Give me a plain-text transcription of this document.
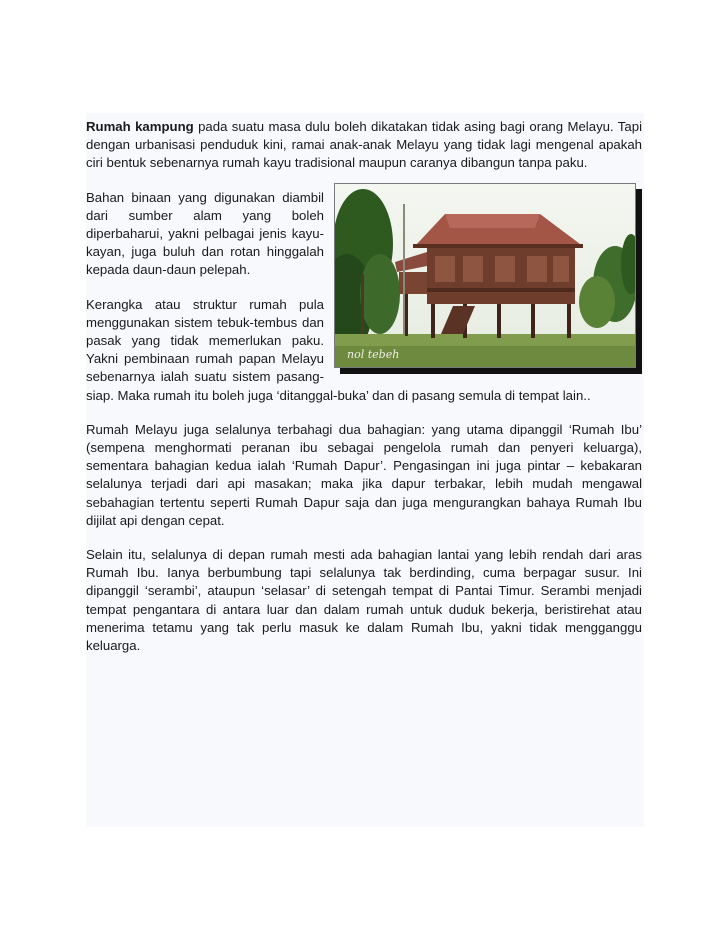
Rumah kampung pada suatu masa dulu boleh dikatakan tidak asing bagi orang Melayu. Tapi dengan urbanisasi penduduk kini, ramai anak-anak Melayu yang tidak lagi mengenal apakah ciri bentuk sebenarnya rumah kayu tradisional maupun caranya dibangun tanpa paku.

nol tebeh

Bahan binaan yang digunakan diambil dari sumber alam yang boleh diperbaharui, yakni pelbagai jenis kayu-kayan, juga buluh dan rotan hinggalah kepada daun-daun pelepah.

Kerangka atau struktur rumah pula menggunakan sistem tebuk-tembus dan pasak yang tidak memerlukan paku. Yakni pembinaan rumah papan Melayu sebenarnya ialah suatu sistem pasang-siap. Maka rumah itu boleh juga ‘ditanggal-buka’ dan di pasang semula di tempat lain..

Rumah Melayu juga selalunya terbahagi dua bahagian: yang utama dipanggil ‘Rumah Ibu’ (sempena menghormati peranan ibu sebagai pengelola rumah dan penyeri keluarga), sementara bahagian kedua ialah ‘Rumah Dapur’. Pengasingan ini juga pintar – kebakaran selalunya terjadi dari api masakan; maka jika dapur terbakar, lebih mudah mengawal sebahagian tertentu seperti Rumah Dapur saja dan juga mengurangkan bahaya Rumah Ibu dijilat api dengan cepat.

Selain itu, selalunya di depan rumah mesti ada bahagian lantai yang lebih rendah dari aras Rumah Ibu. Ianya berbumbung tapi selalunya tak berdinding, cuma berpagar susur. Ini dipanggil ‘serambi’, ataupun ‘selasar’ di setengah tempat di Pantai Timur. Serambi menjadi tempat pengantara di antara luar dan dalam rumah untuk duduk bekerja, beristirehat atau menerima tetamu yang tak perlu masuk ke dalam Rumah Ibu, yakni tidak mengganggu keluarga.
